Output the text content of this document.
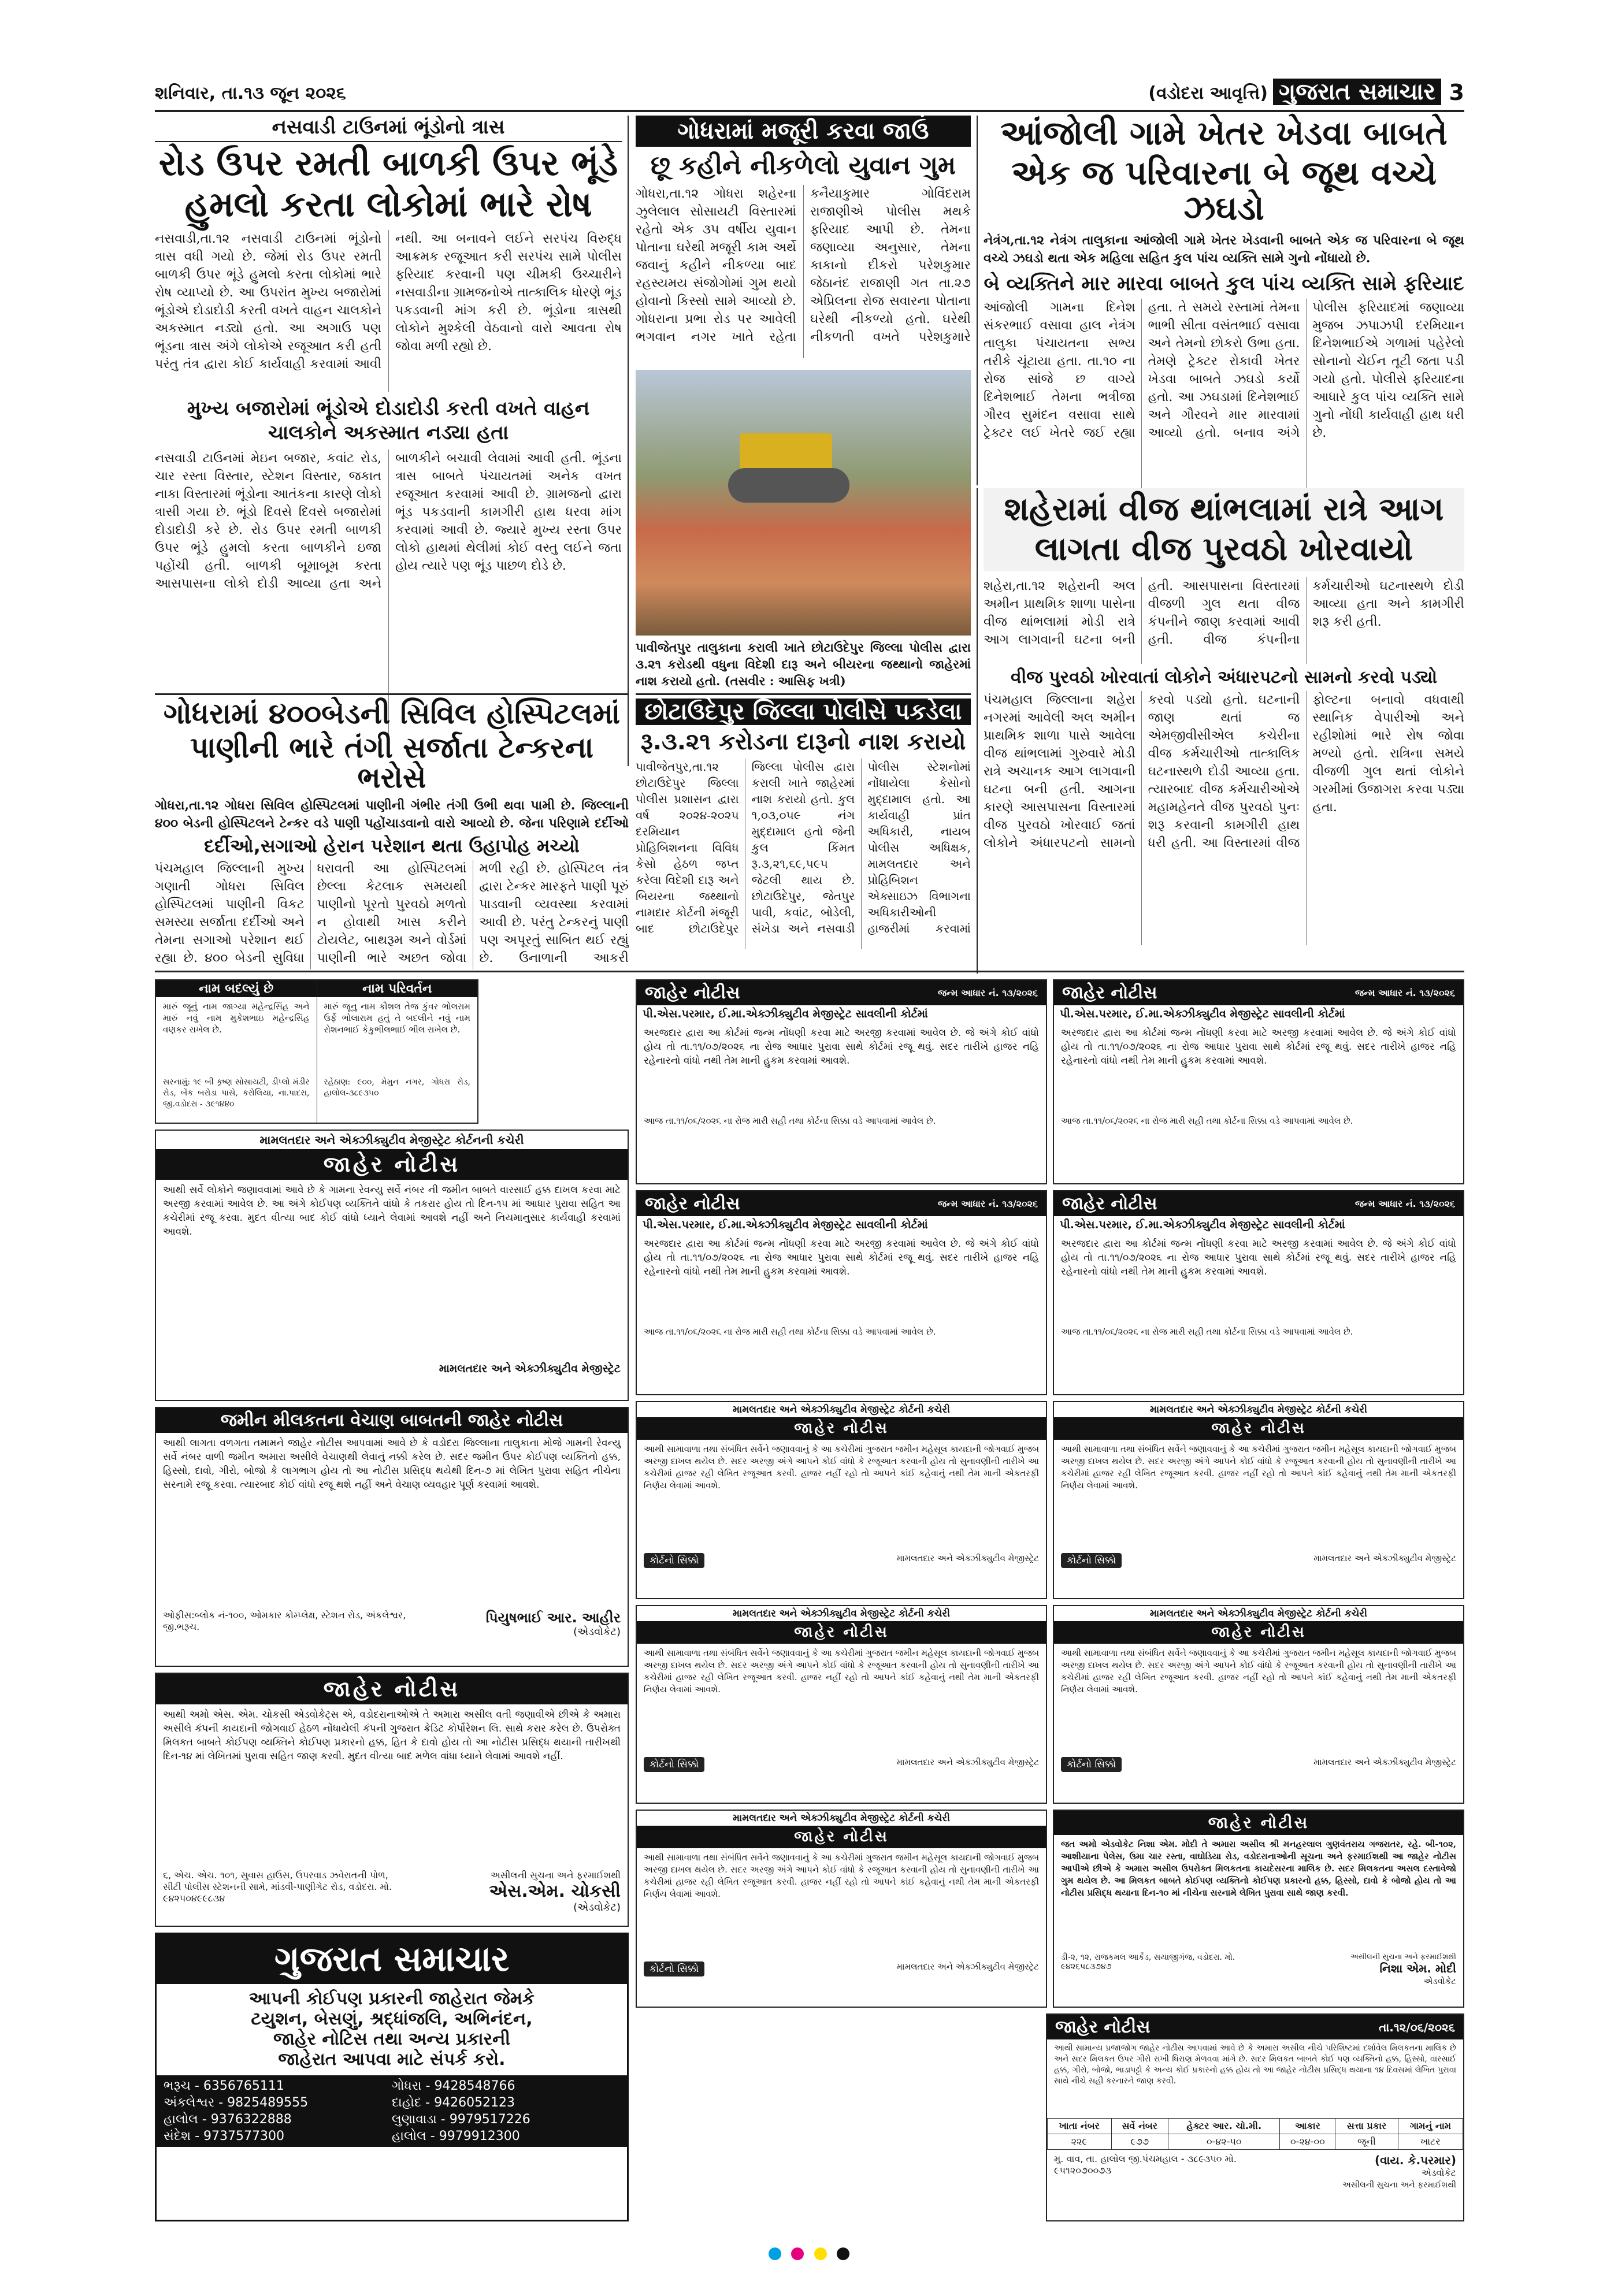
શનિવાર, તા.૧૩ જૂન ૨૦૨૬	(વડોદરા આવૃત્તિ) ગુજરાત સમાચાર 3
નસવાડી ટાઉનમાં ભૂંડોનો ત્રાસ
રોડ ઉપર રમતી બાળકી ઉપર ભૂંડે
હુમલો કરતા લોકોમાં ભારે રોષ
નસવાડી,તા.૧૨ નસવાડી ટાઉનમાં ભૂંડોનો ત્રાસ વધી ગયો છે. જેમાં રોડ ઉપર રમતી બાળકી ઉપર ભૂંડે હુમલો કરતા લોકોમાં ભારે રોષ વ્યાપ્યો છે. આ ઉપરાંત મુખ્ય બજારોમાં ભૂંડોએ દોડાદોડી કરતી વખતે વાહન ચાલકોને અકસ્માત નડ્યો હતો. આ અગાઉ પણ ભૂંડના ત્રાસ અંગે લોકોએ રજૂઆત કરી હતી પરંતુ તંત્ર દ્વારા કોઈ કાર્યવાહી કરવામાં આવી નથી. આ બનાવને લઈને સરપંચ વિરુદ્ધ આક્રમક રજૂઆત કરી સરપંચ સામે પોલીસ ફરિયાદ કરવાની પણ ચીમકી ઉચ્ચારીને નસવાડીના ગ્રામજનોએ તાત્કાલિક ધોરણે ભૂંડ પકડવાની માંગ કરી છે. ભૂંડોના ત્રાસથી લોકોને મુશ્કેલી વેઠવાનો વારો આવતા રોષ જોવા મળી રહ્યો છે.
મુખ્ય બજારોમાં ભૂંડોએ દોડાદોડી કરતી વખતે વાહન ચાલકોને અકસ્માત નડ્યા હતા
નસવાડી ટાઉનમાં મેઇન બજાર, કવાંટ રોડ, ચાર રસ્તા વિસ્તાર, સ્ટેશન વિસ્તાર, જકાત નાકા વિસ્તારમાં ભૂંડોના આતંકના કારણે લોકો ત્રાસી ગયા છે. ભૂંડો દિવસે દિવસે બજારોમાં દોડાદોડી કરે છે. રોડ ઉપર રમતી બાળકી ઉપર ભૂંડે હુમલો કરતા બાળકીને ઇજા પહોંચી હતી. બાળકી બૂમાબૂમ કરતા આસપાસના લોકો દોડી આવ્યા હતા અને બાળકીને બચાવી લેવામાં આવી હતી. ભૂંડના ત્રાસ બાબતે પંચાયતમાં અનેક વખત રજૂઆત કરવામાં આવી છે. ગ્રામજનો દ્વારા ભૂંડ પકડવાની કામગીરી હાથ ધરવા માંગ કરવામાં આવી છે. જ્યારે મુખ્ય રસ્તા ઉપર લોકો હાથમાં થેલીમાં કોઈ વસ્તુ લઈને જતા હોય ત્યારે પણ ભૂંડ પાછળ દોડે છે.
ગોધરામાં મજૂરી કરવા જાઉં
છૂ કહીને નીકળેલો યુવાન ગુમ
ગોધરા,તા.૧૨ ગોધરા શહેરના ઝુલેલાલ સોસાયટી વિસ્તારમાં રહેતો એક ૩૫ વર્ષીય યુવાન પોતાના ઘરેથી મજૂરી કામ અર્થે જવાનું કહીને નીકળ્યા બાદ રહસ્યમય સંજોગોમાં ગુમ થયો હોવાનો કિસ્સો સામે આવ્યો છે. ગોધરાના પ્રભા રોડ પર આવેલી ભગવાન નગર ખાતે રહેતા કનૈયાકુમાર ગોવિંદરામ રાજાણીએ પોલીસ મથકે ફરિયાદ આપી છે. તેમના જણાવ્યા અનુસાર, તેમના કાકાનો દીકરો પરેશકુમાર જેઠાનંદ રાજાણી ગત તા.૨૭ એપ્રિલના રોજ સવારના પોતાના ઘરેથી નીકળ્યો હતો. ઘરેથી નીકળતી વખતે પરેશકુમારે
પાવીજેતપુર તાલુકાના કરાલી ખાતે છોટાઉદેપુર જિલ્લા પોલીસ દ્વારા ૩.૨૧ કરોડથી વધુના વિદેશી દારૂ અને બીયરના જથ્થાનો જાહેરમાં નાશ કરાયો હતો. (તસવીર : આસિફ ખત્રી)
આંજોલી ગામે ખેતર ખેડવા બાબતે
એક જ પરિવારના બે જૂથ વચ્ચે ઝઘડો
નેત્રંગ,તા.૧૨ નેત્રંગ તાલુકાના આંજોલી ગામે ખેતર ખેડવાની બાબતે એક જ પરિવારના બે જૂથ વચ્ચે ઝઘડો થતા એક મહિલા સહિત કુલ પાંચ વ્યક્તિ સામે ગુનો નોંધાયો છે.
બે વ્યક્તિને માર મારવા બાબતે કુલ પાંચ વ્યક્તિ સામે ફરિયાદ
આંજોલી ગામના દિનેશ સંકરભાઈ વસાવા હાલ નેત્રંગ તાલુકા પંચાયતના સભ્ય તરીકે ચૂંટાયા હતા. તા.૧૦ ના રોજ સાંજે છ વાગ્યે દિનેશભાઈ તેમના ભત્રીજા ગૌરવ સુમંદન વસાવા સાથે ટ્રેક્ટર લઈ ખેતરે જઈ રહ્યા હતા. તે સમયે રસ્તામાં તેમના ભાભી સીતા વસંતભાઈ વસાવા અને તેમનો છોકરો ઉભા હતા. તેમણે ટ્રેક્ટર રોકાવી ખેતર ખેડવા બાબતે ઝઘડો કર્યો હતો. આ ઝઘડામાં દિનેશભાઈ અને ગૌરવને માર મારવામાં આવ્યો હતો. બનાવ અંગે પોલીસ ફરિયાદમાં જણાવ્યા મુજબ ઝપાઝપી દરમિયાન દિનેશભાઈએ ગળામાં પહેરેલો સોનાનો ચેઈન તૂટી જતા પડી ગયો હતો. પોલીસે ફરિયાદના આધારે કુલ પાંચ વ્યક્તિ સામે ગુનો નોંધી કાર્યવાહી હાથ ધરી છે.
શહેરામાં વીજ થાંભલામાં રાત્રે આગ
લાગતા વીજ પુરવઠો ખોરવાયો
શહેરા,તા.૧૨ શહેરાની અલ અમીન પ્રાથમિક શાળા પાસેના વીજ થાંભલામાં મોડી રાત્રે આગ લાગવાની ઘટના બની હતી. આસપાસના વિસ્તારમાં વીજળી ગુલ થતા વીજ કંપનીને જાણ કરવામાં આવી હતી. વીજ કંપનીના કર્મચારીઓ ઘટનાસ્થળે દોડી આવ્યા હતા અને કામગીરી શરૂ કરી હતી.
વીજ પુરવઠો ખોરવાતાં લોકોને અંધારપટનો સામનો કરવો પડ્યો
પંચમહાલ જિલ્લાના શહેરા નગરમાં આવેલી અલ અમીન પ્રાથમિક શાળા પાસે આવેલા વીજ થાંભલામાં ગુરુવારે મોડી રાત્રે અચાનક આગ લાગવાની ઘટના બની હતી. આગના કારણે આસપાસના વિસ્તારમાં વીજ પુરવઠો ખોરવાઈ જતાં લોકોને અંધારપટનો સામનો કરવો પડ્યો હતો. ઘટનાની જાણ થતાં જ એમજીવીસીએલ કચેરીના વીજ કર્મચારીઓ તાત્કાલિક ઘટનાસ્થળે દોડી આવ્યા હતા. ત્યારબાદ વીજ કર્મચારીઓએ મહામહેનતે વીજ પુરવઠો પુનઃ શરૂ કરવાની કામગીરી હાથ ધરી હતી. આ વિસ્તારમાં વીજ ફોલ્ટના બનાવો વધવાથી સ્થાનિક વેપારીઓ અને રહીશોમાં ભારે રોષ જોવા મળ્યો હતો. રાત્રિના સમયે વીજળી ગુલ થતાં લોકોને ગરમીમાં ઉજાગરા કરવા પડ્યા હતા.
ગોધરામાં ૪૦૦બેડની સિવિલ હોસ્પિટલમાં
પાણીની ભારે તંગી સર્જાતા ટેન્કરના ભરોસે
ગોધરા,તા.૧૨ ગોધરા સિવિલ હોસ્પિટલમાં પાણીની ગંભીર તંગી ઉભી થવા પામી છે. જિલ્લાની ૪૦૦ બેડની હોસ્પિટલને ટેન્કર વડે પાણી પહોંચાડવાનો વારો આવ્યો છે. જેના પરિણામે દર્દીઓ
દર્દીઓ,સગાઓ હેરાન પરેશાન થતા ઉહાપોહ મચ્યો
પંચમહાલ જિલ્લાની મુખ્ય ગણાતી ગોધરા સિવિલ હોસ્પિટલમાં પાણીની વિકટ સમસ્યા સર્જાતા દર્દીઓ અને તેમના સગાઓ પરેશાન થઈ રહ્યા છે. ૪૦૦ બેડની સુવિધા ધરાવતી આ હોસ્પિટલમાં છેલ્લા કેટલાક સમયથી પાણીનો પૂરતો પુરવઠો મળતો ન હોવાથી ખાસ કરીને ટોયલેટ, બાથરૂમ અને વોર્ડમાં પાણીની ભારે અછત જોવા મળી રહી છે. હોસ્પિટલ તંત્ર દ્વારા ટેન્કર મારફતે પાણી પૂરું પાડવાની વ્યવસ્થા કરવામાં આવી છે. પરંતુ ટેન્કરનું પાણી પણ અપૂરતું સાબિત થઈ રહ્યું છે. ઉનાળાની આકરી
છોટાઉદેપુર જિલ્લા પોલીસે પકડેલા
રૂ.૩.૨૧ કરોડના દારૂનો નાશ કરાયો
પાવીજેતપુર,તા.૧૨ છોટાઉદેપુર જિલ્લા પોલીસ પ્રશાસન દ્વારા વર્ષ ૨૦૨૪-૨૦૨૫ દરમિયાન પ્રોહિબિશનના વિવિધ કેસો હેઠળ જપ્ત કરેલા વિદેશી દારૂ અને બિયરના જથ્થાનો નામદાર કોર્ટની મંજૂરી બાદ છોટાઉદેપુર જિલ્લા પોલીસ દ્વારા કરાલી ખાતે જાહેરમાં નાશ કરાયો હતો. કુલ ૧,૦૩,૦૫૯ નંગ મુદ્દામાલ હતો જેની કુલ કિંમત રૂ.૩,૨૧,૬૯,૫૯૫ જેટલી થાય છે. છોટાઉદેપુર, જેતપુર પાવી, કવાંટ, બોડેલી, સંખેડા અને નસવાડી પોલીસ સ્ટેશનોમાં નોંધાયેલા કેસોનો મુદ્દામાલ હતો. આ કાર્યવાહી પ્રાંત અધિકારી, નાયબ પોલીસ અધિક્ષક, મામલતદાર અને પ્રોહિબિશન એક્સાઇઝ વિભાગના અધિકારીઓની હાજરીમાં કરવામાં
નામ બદલ્યું છે
મારું જૂનું નામ જાગ્યા મહેન્દ્રસિંહ અને મારું નવું નામ મુકેશભાઇ મહેન્દ્રસિંહ વણકર રાખેલ છે.
સરનામું: ૧૯ બી કૃષ્ણ સોસાયટી, ડીપ્લો મંડીર રોડ, બેંક બરોડા પાસે, કરોલિયા, ના.પાદરા, જી.વડોદરા - ૩૯૧૪૪૦
નામ પરિવર્તન
મારું જૂનુ નામ કૌશલ તેજ કુંવર ભોલરામ ઉર્ફે ભોલારામ હતું તે બદલીને નવું નામ રોશનભાઈ કેકુભીલભાઈ ભીલ રાખેલ છે.
રહેઠાણ: ૯૦૦, મેમુન નગર, ગોધરા રોડ, હાલોલ-૩૮૯૩૫૦
મામલતદાર અને એક્ઝીક્યુટીવ મેજીસ્ટ્રેટ કોર્ટનની કચેરી
જાહેર નોટીસ
આથી સર્વે લોકોને જણાવવામાં આવે છે કે ગામના રેવન્યુ સર્વે નંબર ની જમીન બાબતે વારસાઈ હક્ક દાખલ કરવા માટે અરજી કરવામાં આવેલ છે. આ અંગે કોઈપણ વ્યક્તિને વાંધો કે તકરાર હોય તો દિન-૧૫ માં આધાર પુરાવા સહિત આ કચેરીમાં રજૂ કરવા. મુદત વીત્યા બાદ કોઈ વાંધો ધ્યાને લેવામાં આવશે નહીં અને નિયમાનુસાર કાર્યવાહી કરવામાં આવશે.
મામલતદાર અને એક્ઝીક્યુટીવ મેજીસ્ટ્રેટ
જમીન મીલકતના વેચાણ બાબતની જાહેર નોટીસ
આથી લાગતા વળગતા તમામને જાહેર નોટીસ આપવામાં આવે છે કે વડોદરા જિલ્લાના તાલુકાના મોજે ગામની રેવન્યુ સર્વે નંબર વાળી જમીન અમારા અસીલે વેચાણથી લેવાનું નક્કી કરેલ છે. સદર જમીન ઉપર કોઈપણ વ્યક્તિનો હક્ક, હિસ્સો, દાવો, ગીરો, બોજો કે લાગભાગ હોય તો આ નોટીસ પ્રસિદ્ધ થયેથી દિન-૭ માં લેખિત પુરાવા સહિત નીચેના સરનામે રજૂ કરવા. ત્યારબાદ કોઈ વાંધો રજૂ થશે નહીં અને વેચાણ વ્યવહાર પૂર્ણ કરવામાં આવશે.
ઓફીસ:બ્લોક નં-૧૦૦, ઓમકાર કોમ્પ્લેક્ષ, સ્ટેશન રોડ, અંકલેશ્વર, જી.ભરૂચ.
પિયુષભાઈ આર. આહીર
(એડવોકેટ)
જાહેર નોટીસ
આથી અમો એસ. એમ. ચોકસી એડવોકેટ્સ એ, વડોદરાનાઓએ તે અમારા અસીલ વતી જણાવીએ છીએ કે અમારા અસીલે કંપની કાયદાની જોગવાઈ હેઠળ નોંધાયેલી કંપની ગુજરાત ક્રેડિટ કોર્પોરેશન લિ. સાથે કરાર કરેલ છે. ઉપરોક્ત મિલકત બાબતે કોઈપણ વ્યક્તિને કોઈપણ પ્રકારનો હક્ક, હિત કે દાવો હોય તો આ નોટીસ પ્રસિદ્ધ થયાની તારીખથી દિન-૧૪ માં લેખિતમાં પુરાવા સહિત જાણ કરવી. મુદત વીત્યા બાદ મળેલ વાંધા ધ્યાને લેવામાં આવશે નહીં.
૬, એચ. એચ. ૧૦૧, સુવાસ હાઉસ, ઉપરવાડ ઝવેરાતની પોળ, સીટી પોલીસ સ્ટેશનની સામે, માંડવી-પાણીગેટ રોડ, વડોદરા. મો. ૯૪૨૫૦૪૯૯૮૩૪
અસીલની સુચના અને ફરમાઈશથી
એસ.એમ. ચોકસી
(એડવોકેટ)
ગુજરાત સમાચાર
આપની કોઈપણ પ્રકારની જાહેરાત જેમકે
ટયુશન, બેસણું, શ્રદ્ધાંજલિ, અભિનંદન,
જાહેર નોટિસ તથા અન્ય પ્રકારની
જાહેરાત આપવા માટે સંપર્ક કરો.
ભરૂચ - 6356765111	ગોધરા - 9428548766
અંકલેશ્વર - 9825489555	દાહોદ - 9426052123
હાલોલ - 9376322888	લુણાવાડા - 9979517226
સંદેશ - 9737577300	હાલોલ - 9979912300
જાહેર નોટીસ	જન્મ આધાર નં. ૧૩/૨૦૨૬
પી.એસ.પરમાર, ઈ.મા.એક્ઝીક્યુટીવ મેજીસ્ટ્રેટ સાવલીની કોર્ટમાં
અરજદાર દ્વારા આ કોર્ટમાં જન્મ નોંધણી કરવા માટે અરજી કરવામાં આવેલ છે. જે અંગે કોઈ વાંધો હોય તો તા.૧૧/૦૭/૨૦૨૬ ના રોજ આધાર પુરાવા સાથે કોર્ટમાં રજૂ થવું. સદર તારીખે હાજર નહિ રહેનારનો વાંધો નથી તેમ માની હુકમ કરવામાં આવશે.
આજ તા.૧૧/૦૬/૨૦૨૬ ના રોજ મારી સહી તથા કોર્ટના સિક્કા વડે આપવામાં આવેલ છે.
જાહેર નોટીસ	જન્મ આધાર નં. ૧૩/૨૦૨૬
પી.એસ.પરમાર, ઈ.મા.એક્ઝીક્યુટીવ મેજીસ્ટ્રેટ સાવલીની કોર્ટમાં
અરજદાર દ્વારા આ કોર્ટમાં જન્મ નોંધણી કરવા માટે અરજી કરવામાં આવેલ છે. જે અંગે કોઈ વાંધો હોય તો તા.૧૧/૦૭/૨૦૨૬ ના રોજ આધાર પુરાવા સાથે કોર્ટમાં રજૂ થવું. સદર તારીખે હાજર નહિ રહેનારનો વાંધો નથી તેમ માની હુકમ કરવામાં આવશે.
આજ તા.૧૧/૦૬/૨૦૨૬ ના રોજ મારી સહી તથા કોર્ટના સિક્કા વડે આપવામાં આવેલ છે.
જાહેર નોટીસ	જન્મ આધાર નં. ૧૩/૨૦૨૬
પી.એસ.પરમાર, ઈ.મા.એક્ઝીક્યુટીવ મેજીસ્ટ્રેટ સાવલીની કોર્ટમાં
અરજદાર દ્વારા આ કોર્ટમાં જન્મ નોંધણી કરવા માટે અરજી કરવામાં આવેલ છે. જે અંગે કોઈ વાંધો હોય તો તા.૧૧/૦૭/૨૦૨૬ ના રોજ આધાર પુરાવા સાથે કોર્ટમાં રજૂ થવું. સદર તારીખે હાજર નહિ રહેનારનો વાંધો નથી તેમ માની હુકમ કરવામાં આવશે.
આજ તા.૧૧/૦૬/૨૦૨૬ ના રોજ મારી સહી તથા કોર્ટના સિક્કા વડે આપવામાં આવેલ છે.
જાહેર નોટીસ	જન્મ આધાર નં. ૧૩/૨૦૨૬
પી.એસ.પરમાર, ઈ.મા.એક્ઝીક્યુટીવ મેજીસ્ટ્રેટ સાવલીની કોર્ટમાં
અરજદાર દ્વારા આ કોર્ટમાં જન્મ નોંધણી કરવા માટે અરજી કરવામાં આવેલ છે. જે અંગે કોઈ વાંધો હોય તો તા.૧૧/૦૭/૨૦૨૬ ના રોજ આધાર પુરાવા સાથે કોર્ટમાં રજૂ થવું. સદર તારીખે હાજર નહિ રહેનારનો વાંધો નથી તેમ માની હુકમ કરવામાં આવશે.
આજ તા.૧૧/૦૬/૨૦૨૬ ના રોજ મારી સહી તથા કોર્ટના સિક્કા વડે આપવામાં આવેલ છે.
મામલતદાર અને એક્ઝીક્યુટીવ મેજીસ્ટ્રેટ કોર્ટની કચેરી
જાહેર નોટીસ
આથી સામાવાળા તથા સંબંધિત સર્વેને જણાવવાનું કે આ કચેરીમાં ગુજરાત જમીન મહેસૂલ કાયદાની જોગવાઈ મુજબ અરજી દાખલ થયેલ છે. સદર અરજી અંગે આપને કોઈ વાંધો કે રજૂઆત કરવાની હોય તો સુનાવણીની તારીખે આ કચેરીમાં હાજર રહી લેખિત રજૂઆત કરવી. હાજર નહીં રહો તો આપને કાંઈ કહેવાનું નથી તેમ માની એકતરફી નિર્ણય લેવામાં આવશે.
કોર્ટનો સિક્કો	મામલતદાર અને એક્ઝીક્યુટીવ મેજીસ્ટ્રેટ
મામલતદાર અને એક્ઝીક્યુટીવ મેજીસ્ટ્રેટ કોર્ટની કચેરી
જાહેર નોટીસ
આથી સામાવાળા તથા સંબંધિત સર્વેને જણાવવાનું કે આ કચેરીમાં ગુજરાત જમીન મહેસૂલ કાયદાની જોગવાઈ મુજબ અરજી દાખલ થયેલ છે. સદર અરજી અંગે આપને કોઈ વાંધો કે રજૂઆત કરવાની હોય તો સુનાવણીની તારીખે આ કચેરીમાં હાજર રહી લેખિત રજૂઆત કરવી. હાજર નહીં રહો તો આપને કાંઈ કહેવાનું નથી તેમ માની એકતરફી નિર્ણય લેવામાં આવશે.
કોર્ટનો સિક્કો	મામલતદાર અને એક્ઝીક્યુટીવ મેજીસ્ટ્રેટ
મામલતદાર અને એક્ઝીક્યુટીવ મેજીસ્ટ્રેટ કોર્ટની કચેરી
જાહેર નોટીસ
આથી સામાવાળા તથા સંબંધિત સર્વેને જણાવવાનું કે આ કચેરીમાં ગુજરાત જમીન મહેસૂલ કાયદાની જોગવાઈ મુજબ અરજી દાખલ થયેલ છે. સદર અરજી અંગે આપને કોઈ વાંધો કે રજૂઆત કરવાની હોય તો સુનાવણીની તારીખે આ કચેરીમાં હાજર રહી લેખિત રજૂઆત કરવી. હાજર નહીં રહો તો આપને કાંઈ કહેવાનું નથી તેમ માની એકતરફી નિર્ણય લેવામાં આવશે.
કોર્ટનો સિક્કો	મામલતદાર અને એક્ઝીક્યુટીવ મેજીસ્ટ્રેટ
મામલતદાર અને એક્ઝીક્યુટીવ મેજીસ્ટ્રેટ કોર્ટની કચેરી
જાહેર નોટીસ
આથી સામાવાળા તથા સંબંધિત સર્વેને જણાવવાનું કે આ કચેરીમાં ગુજરાત જમીન મહેસૂલ કાયદાની જોગવાઈ મુજબ અરજી દાખલ થયેલ છે. સદર અરજી અંગે આપને કોઈ વાંધો કે રજૂઆત કરવાની હોય તો સુનાવણીની તારીખે આ કચેરીમાં હાજર રહી લેખિત રજૂઆત કરવી. હાજર નહીં રહો તો આપને કાંઈ કહેવાનું નથી તેમ માની એકતરફી નિર્ણય લેવામાં આવશે.
કોર્ટનો સિક્કો	મામલતદાર અને એક્ઝીક્યુટીવ મેજીસ્ટ્રેટ
જાહેર નોટીસ
જત અમો એડવોકેટ નિશા એમ. મોદી તે અમારા અસીલ શ્રી મનહરલાલ ગુણવંતરાય ગજરાતર, રહે. બી-૧૦૨, આશીયાના પેલેસ, ઉમા ચાર રસ્તા, વાઘોડિયા રોડ, વડોદરાનાઓની સૂચના અને ફરમાઈશથી આ જાહેર નોટીસ આપીએ છીએ કે અમારા અસીલ ઉપરોક્ત મિલકતના કાયદેસરના માલિક છે. સદર મિલકતના અસલ દસ્તાવેજો ગુમ થયેલ છે. આ મિલકત બાબતે કોઈપણ વ્યક્તિનો કોઈપણ પ્રકારનો હક્ક, હિસ્સો, દાવો કે બોજો હોય તો આ નોટીસ પ્રસિદ્ધ થયાના દિન-૧૦ માં નીચેના સરનામે લેખિત પુરાવા સાથે જાણ કરવી.
ડી-૨, ૧૨, રાજકમલ આર્કેડ, સયાજીગંજ, વડોદરા. મો. ૯૪૨૬૫૮૩૭૪૭
અસીલની સુચના અને ફરમાઈશથી
નિશા એમ. મોદી
એડવોકેટ
મામલતદાર અને એક્ઝીક્યુટીવ મેજીસ્ટ્રેટ કોર્ટની કચેરી
જાહેર નોટીસ
આથી સામાવાળા તથા સંબંધિત સર્વેને જણાવવાનું કે આ કચેરીમાં ગુજરાત જમીન મહેસૂલ કાયદાની જોગવાઈ મુજબ અરજી દાખલ થયેલ છે. સદર અરજી અંગે આપને કોઈ વાંધો કે રજૂઆત કરવાની હોય તો સુનાવણીની તારીખે આ કચેરીમાં હાજર રહી લેખિત રજૂઆત કરવી. હાજર નહીં રહો તો આપને કાંઈ કહેવાનું નથી તેમ માની એકતરફી નિર્ણય લેવામાં આવશે.
કોર્ટનો સિક્કો	મામલતદાર અને એક્ઝીક્યુટીવ મેજીસ્ટ્રેટ
જાહેર નોટીસ	તા.૧૨/૦૬/૨૦૨૬
આથી સામાન્ય પ્રજાજોગ જાહેર નોટીસ આપવામાં આવે છે કે અમારા અસીલ નીચે પરિશિષ્ટમાં દર્શાવેલ મિલકતના માલિક છે અને સદર મિલકત ઉપર ગીરો રાખી ધિરાણ મેળવવા માંગે છે. સદર મિલકત બાબતે કોઈ પણ વ્યક્તિનો હક્ક, હિસ્સો, વારસાઈ હક્ક, ગીરો, બોજો, ભાડાપટ્ટો કે અન્ય કોઈ પ્રકારનો હક્ક હોય તો આ જાહેર નોટીસ પ્રસિદ્ધ થયાના ૧૪ દિવસમાં લેખિત પુરાવા સાથે નીચે સહી કરનારને જાણ કરવી.
ખાતા નંબર	સર્વે નંબર	હેક્ટર આર. ચો.મી.	આકાર	સત્તા પ્રકાર	ગામનું નામ
૨૨૯	૯૭૭	૦-૪૨-૫૦	૦-૨૪-૦૦	જૂની	ખાટર
મુ. વાવ, તા. હાલોલ જી.પંચમહાલ - ૩૮૯૩૫૦ મો. ૯૫૧૨૦૭૦૦૭૩
(વાય. કે.પરમાર)
એડવોકેટ
અસીલની સુચના અને ફરમાઈશથી
